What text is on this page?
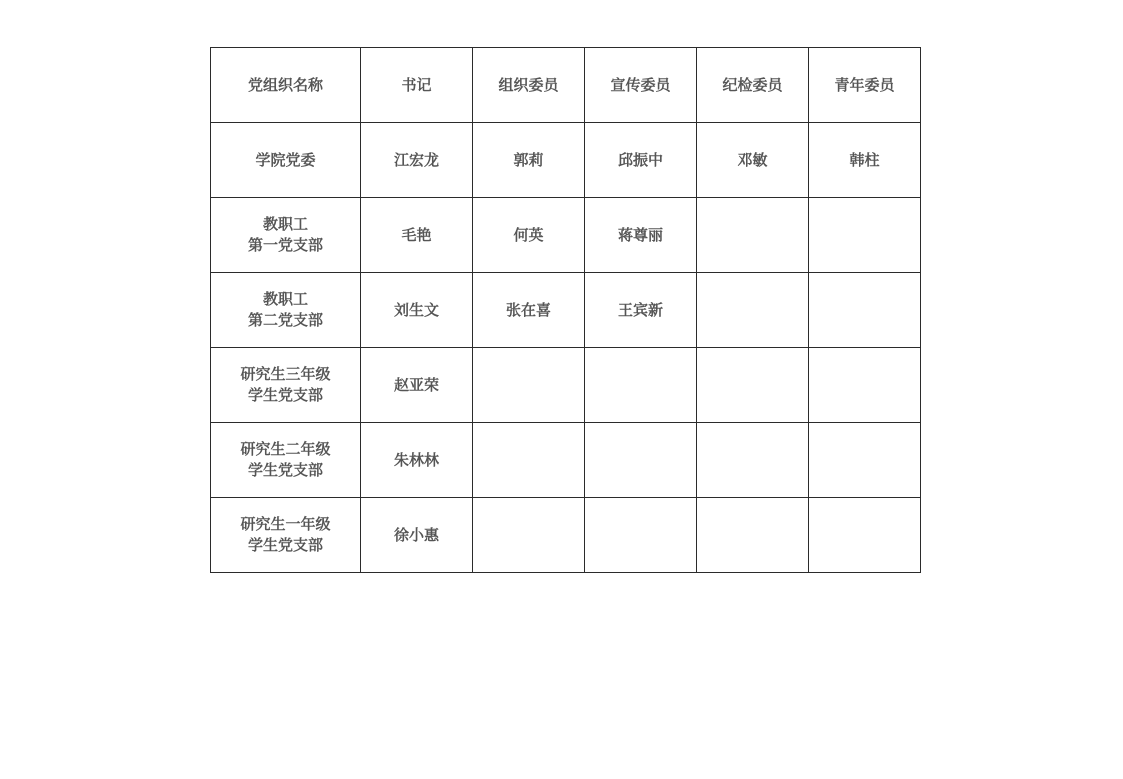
党组织名称	书记	组织委员	宣传委员	纪检委员	青年委员

学院党委	江宏龙	郭莉	邱振中	邓敏	韩柱

教职工
第一党支部	毛艳	何英	蒋尊丽		

教职工
第二党支部	刘生文	张在喜	王宾新		

研究生三年级
学生党支部	赵亚荣				

研究生二年级
学生党支部	朱林林				

研究生一年级
学生党支部	徐小惠				
